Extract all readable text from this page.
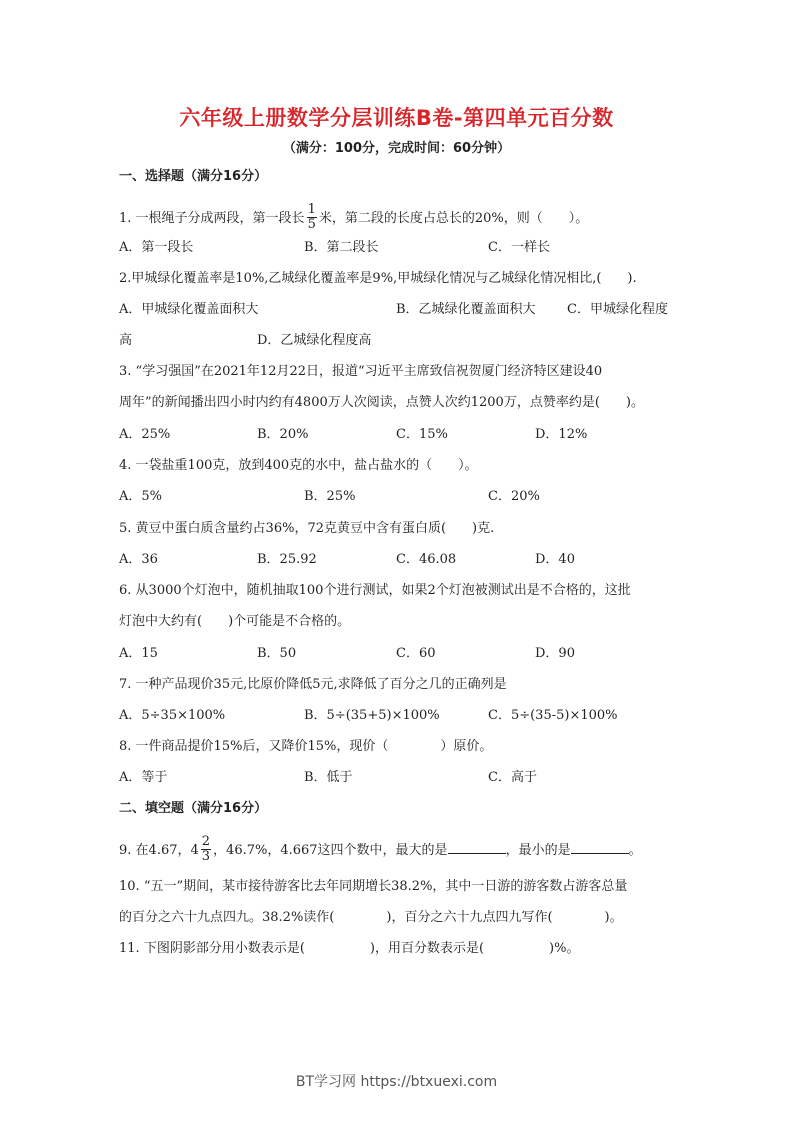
六年级上册数学分层训练B卷-第四单元百分数
（满分：100分，完成时间：60分钟）
一、选择题（满分16分）
1. 一根绳子分成两段，第一段长 $\frac{1}{5}$ 米，第二段的长度占总长的20%，则（　　）。
A．第一段长	B．第二段长	C．一样长
2.甲城绿化覆盖率是10%,乙城绿化覆盖率是9%,甲城绿化情况与乙城绿化情况相比,(　　).
A．甲城绿化覆盖面积大	B．乙城绿化覆盖面积大 C．甲城绿化程度
高	D．乙城绿化程度高
3. “学习强国”在2021年12月22日，报道“习近平主席致信祝贺厦门经济特区建设40
周年”的新闻播出四小时内约有4800万人次阅读，点赞人次约1200万，点赞率约是(　　)。
A．25%	B．20%	C．15%	D．12%
4. 一袋盐重100克，放到400克的水中，盐占盐水的（　　）。
A．5%	B．25%	C．20%
5. 黄豆中蛋白质含量约占36%，72克黄豆中含有蛋白质(　　)克.
A．36	B．25.92	C．46.08	D．40
6. 从3000个灯泡中，随机抽取100个进行测试，如果2个灯泡被测试出是不合格的，这批
灯泡中大约有(　　)个可能是不合格的。
A．15	B．50	C．60	D．90
7. 一种产品现价35元,比原价降低5元,求降低了百分之几的正确列是
A．5÷35×100%	B．5÷(35+5)×100%	C．5÷(35-5)×100%
8. 一件商品提价15%后，又降价15%，现价（　　　　）原价。
A．等于	B．低于	C．高于
二、填空题（满分16分）
9. 在4.67，$4 \frac{2}{3}$ ，46.7%，4.667这四个数中，最大的是	，最小的是	。
10. “五一”期间，某市接待游客比去年同期增长38.2%，其中一日游的游客数占游客总量
的百分之六十九点四九。38.2%读作(　　　　)，百分之六十九点四九写作(　　　　)。
11. 下图阴影部分用小数表示是(　　　　　)，用百分数表示是(　　　　　)%。
BT学习网 https://btxuexi.com
